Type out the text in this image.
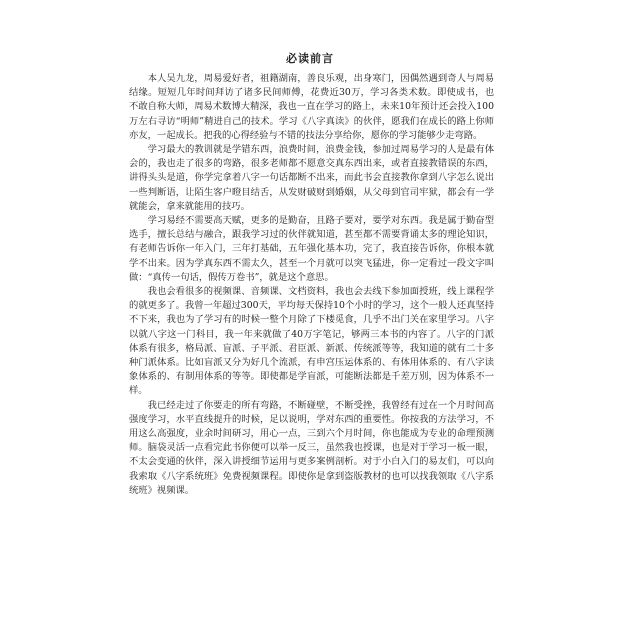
必读前言

本人吴九龙，周易爱好者，祖籍湖南，善良乐观，出身寒门，因偶然遇到奇人与周易结缘。短短几年时间拜访了诸多民间师傅，花费近30万，学习各类术数。即使成书，也不敢自称大师，周易术数博大精深，我也一直在学习的路上，未来10年预计还会投入100万左右寻访“明师”精进自己的技术。学习《八字真读》的伙伴，愿我们在成长的路上你师亦友，一起成长。把我的心得经验与不错的技法分享给你，愿你的学习能够少走弯路。

学习最大的教训就是学错东西，浪费时间，浪费金钱，参加过周易学习的人是最有体会的，我也走了很多的弯路，很多老师都不愿意交真东西出来，或者直接教错误的东西，讲得头头是道，你学完拿着八字一句话都断不出来，而此书会直接教你拿到八字怎么说出一些判断语，让陌生客户瞪目结舌，从发财破财到婚姻，从父母到官司牢狱，都会有一学就能会，拿来就能用的技巧。

学习易经不需要高天赋，更多的是勤奋，且路子要对，要学对东西。我是属于勤奋型选手，擅长总结与融合，跟我学习过的伙伴就知道，甚至都不需要背诵太多的理论知识，有老师告诉你一年入门，三年打基础，五年强化基本功，完了，我直接告诉你，你根本就学不出来。因为学真东西不需太久，甚至一个月就可以突飞猛进，你一定看过一段文字叫做：“真传一句话，假传万卷书”，就是这个意思。

我也会看很多的视频课、音频课、文档资料，我也会去线下参加面授班，线上课程学的就更多了。我曾一年超过300天，平均每天保持10个小时的学习，这个一般人还真坚持不下来，我也为了学习有的时候一整个月除了下楼觅食，几乎不出门关在家里学习。八字以就八字这一门科目，我一年来就做了40万字笔记，够两三本书的内容了。八字的门派体系有很多，格局派、盲派、子平派、君臣派、新派、传统派等等，我知道的就有二十多种门派体系。比如盲派又分为好几个流派，有申宫压运体系的、有体用体系的、有八字读象体系的、有制用体系的等等。即使都是学盲派，可能断法都是千差万别，因为体系不一样。

我已经走过了你要走的所有弯路，不断碰壁，不断受挫，我曾经有过在一个月时间高强度学习，水平直线提升的时候，足以说明，学对东西的重要性。你按我的方法学习，不用这么高强度，业余时间研习，用心一点，三到六个月时间，你也能成为专业的命理预测师。脑袋灵活一点看完此书你便可以举一反三，虽然我也授课，也是对于学习一板一眼，不太会变通的伙伴，深入讲授细节运用与更多案例剖析。对于小白入门的易友们，可以向我索取《八字系统班》免费视频课程。即使你是拿到盗版教材的也可以找我领取《八字系统班》视频课。
